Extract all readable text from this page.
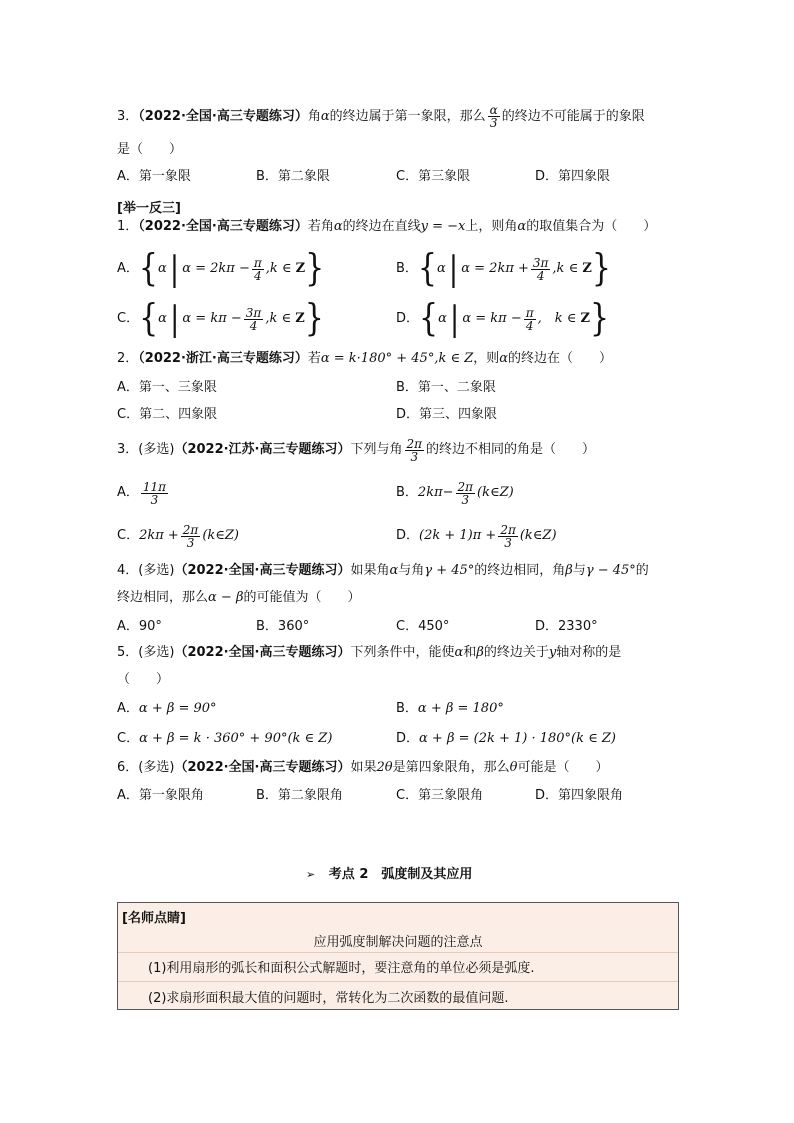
3．（2022·全国·高三专题练习）角α的终边属于第一象限，那么 $\frac{\alpha}{3}$ 的终边不可能属于的象限
是（　　）
A．第一象限	B．第二象限	C．第三象限	D．第四象限
[举一反三]
1．（2022·全国·高三专题练习）若角α的终边在直线y = −x上，则角α的取值集合为（　　）
A． { α | $\alpha = 2k\pi - \frac{\pi}{4} ,k$ ∈
Z }	B． { α | $\alpha = 2k\pi + \frac{3\pi}{4} ,k$ ∈
Z }
C． { α | $\alpha = k\pi - \frac{3\pi}{4} ,k$ ∈
Z }	D． { α | $\alpha = k\pi - \frac{\pi}{4}$ ,　k ∈
Z }
2．（2022·浙江·高三专题练习）若α = k·180° + 45°,k ∈ Z，则α的终边在（　　）
A．第一、三象限	B．第一、二象限
C．第二、四象限	D．第三、四象限
3． (多选) （2022·江苏·高三专题练习） 下列与角 $\frac{2\pi}{3}$ 的终边不相同的角是（　　）
A． $\frac{11\pi}{3}$	B． $2k\pi- \frac{2\pi}{3}$ (k∈Z)
C． $2k\pi + \frac{2\pi}{3}$ (k∈Z)	D． $(2k + 1)\pi + \frac{2\pi}{3}$ (k∈Z)
4．(多选)（2022·全国·高三专题练习）如果角α与角γ + 45°的终边相同，角β与γ − 45°的
终边相同，那么α − β的可能值为（　　）
A．90°	B．360°	C．450°	D．2330°
5．(多选)（2022·全国·高三专题练习）下列条件中，能使α和β的终边关于y轴对称的是
（　　）
A．α + β = 90°	B．α + β = 180°
C．α + β = k · 360° + 90°(k ∈ Z)	D．α + β = (2k + 1) · 180°(k ∈ Z)
6．(多选)（2022·全国·高三专题练习）如果2θ是第四象限角，那么θ可能是（　　）
A．第一象限角	B．第二象限角	C．第三象限角	D．第四象限角
➢ 考点 2　弧度制及其应用
[名师点睛]
应用弧度制解决问题的注意点
(1)利用扇形的弧长和面积公式解题时，要注意角的单位必须是弧度.
(2)求扇形面积最大值的问题时，常转化为二次函数的最值问题.
